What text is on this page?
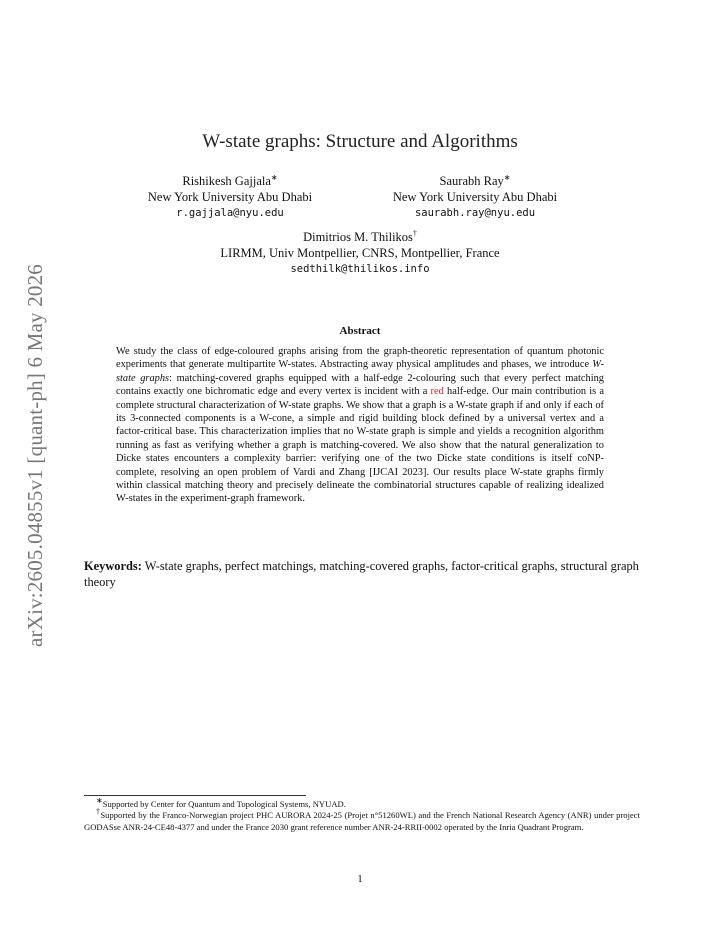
arXiv:2605.04855v1 [quant-ph] 6 May 2026
W-state graphs: Structure and Algorithms
Rishikesh Gajjala∗
New York University Abu Dhabi
r.gajjala@nyu.edu
Saurabh Ray∗
New York University Abu Dhabi
saurabh.ray@nyu.edu
Dimitrios M. Thilikos†
LIRMM, Univ Montpellier, CNRS, Montpellier, France
sedthilk@thilikos.info
Abstract
We study the class of edge-coloured graphs arising from the graph-theoretic representation of quantum photonic experiments that generate multipartite W-states. Abstracting away physical amplitudes and phases, we introduce W-state graphs: matching-covered graphs equipped with a half-edge 2-colouring such that every perfect matching contains exactly one bichromatic edge and every vertex is incident with a red half-edge. Our main contribution is a complete structural characterization of W-state graphs. We show that a graph is a W-state graph if and only if each of its 3-connected components is a W-cone, a simple and rigid building block defined by a universal vertex and a factor-critical base. This characterization implies that no W-state graph is simple and yields a recognition algorithm running as fast as verifying whether a graph is matching-covered. We also show that the natural generalization to Dicke states encounters a complexity barrier: verifying one of the two Dicke state conditions is itself coNP-complete, resolving an open problem of Vardi and Zhang [IJCAI 2023]. Our results place W-state graphs firmly within classical matching theory and precisely delineate the combinatorial structures capable of realizing idealized W-states in the experiment-graph framework.
Keywords: W-state graphs, perfect matchings, matching-covered graphs, factor-critical graphs, structural graph theory

∗Supported by Center for Quantum and Topological Systems, NYUAD.

†Supported by the Franco-Norwegian project PHC AURORA 2024-25 (Projet n°51260WL) and the French National Research Agency (ANR) under project GODASse ANR-24-CE48-4377 and under the France 2030 grant reference number ANR-24-RRII-0002 operated by the Inria Quadrant Program.

1
